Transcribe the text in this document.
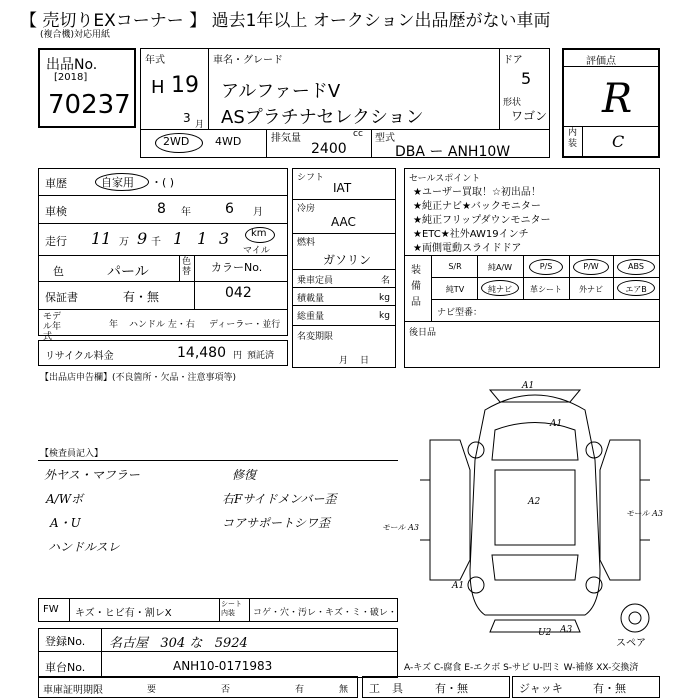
【 売切りEXコーナー 】 過去1年以上 オークション出品歴がない車両
(複合機)対応用紙
出品No.
[2018]
70237
年式
H 19
3 月
車名・グレード
アルファードV
ASプラチナセレクション
ドア
5
形状
ワゴン
2WD 4WD	排気量	cc
2400
型式
DBA ー ANH10W
評価点
R
内装 C
車歴	自家用 ・( )
車検	8 年 6 月
走行 11 万 9 千 1 1 3 km
マイル
色	パール
色替 カラーNo.
042
保証書	有・無
モデル年式
年 ハンドル 左・右 ディーラー・並行
リサイクル料金	14,480 円 預託済
シフト
IAT
冷房
AAC
燃料
ガソリン
乗車定員	名
積載量	kg
総重量	kg
名変期限
月日
セールスポイント
★ユーザー買取！☆初出品！
★純正ナビ★バックモニター
★純正フリップダウンモニター
★ETC★社外AW19インチ
★両側電動スライドドア
装備品
S/R	純A/W	P/S	P/W	ABS
純TV	純ナビ	革シート	外ナビ	エアB
ナビ型番：
後日品
【出品店申告欄】(不良箇所・欠品・注意事項等)
【検査員記入】
外ヤス・マフラー
A/Wボ
A・U
ハンドルスレ
修復
右Fサイドメンバー歪
コアサポートシワ歪
A1
A2
A1
A1
U2 A3
モール A3
モール A3
スペア
FW キズ・ヒビ有・割レX
シート内装	コゲ・穴・汚レ・キズ・ミ・破レ・
登録No. 名古屋   304 な   5924
車台No.	ANH10-0171983	A-キズ C-腐食 E-エクボ S-サビ U-凹ミ W-補修 XX-交換済
車庫証明期限	要	否	有	無 工具 有・無	ジャッキ	有・無
